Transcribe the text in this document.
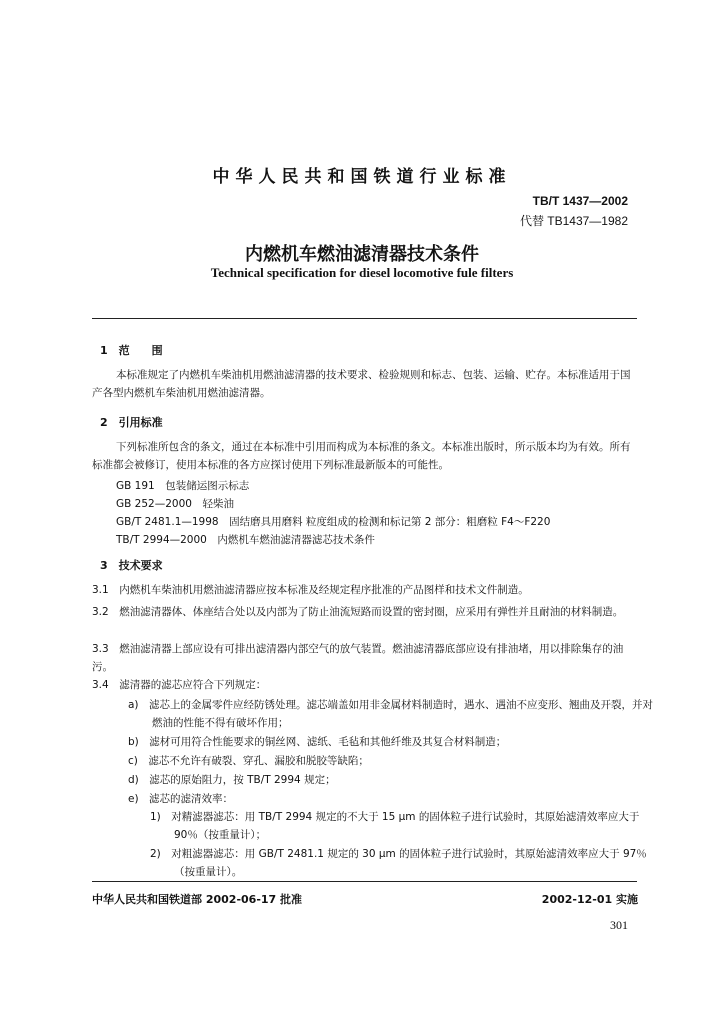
中华人民共和国铁道行业标准
TB/T 1437—2002
代替 TB1437—1982
内燃机车燃油滤清器技术条件
Technical specification for diesel locomotive fule filters
1　范　　围
本标准规定了内燃机车柴油机用燃油滤清器的技术要求、检验规则和标志、包装、运输、贮存。本标准适用于国产各型内燃机车柴油机用燃油滤清器。
2　引用标准
下列标准所包含的条文，通过在本标准中引用而构成为本标准的条文。本标准出版时，所示版本均为有效。所有标准都会被修订，使用本标准的各方应探讨使用下列标准最新版本的可能性。
GB 191　包装储运图示标志
GB 252—2000　轻柴油
GB/T 2481.1—1998　固结磨具用磨料 粒度组成的检测和标记第 2 部分：粗磨粒 F4～F220
TB/T 2994—2000　内燃机车燃油滤清器滤芯技术条件
3　技术要求
3.1　内燃机车柴油机用燃油滤清器应按本标准及经规定程序批准的产品图样和技术文件制造。
3.2　燃油滤清器体、体座结合处以及内部为了防止油流短路而设置的密封圈，应采用有弹性并且耐油的材料制造。
3.3　燃油滤清器上部应设有可排出滤清器内部空气的放气装置。燃油滤清器底部应设有排油堵，用以排除集存的油污。
3.4　滤清器的滤芯应符合下列规定：
a)　滤芯上的金属零件应经防锈处理。滤芯端盖如用非金属材料制造时，遇水、遇油不应变形、翘曲及开裂，并对燃油的性能不得有破坏作用；
b)　滤材可用符合性能要求的铜丝网、滤纸、毛毡和其他纤维及其复合材料制造；
c)　滤芯不允许有破裂、穿孔、漏胶和脱胶等缺陷；
d)　滤芯的原始阻力，按 TB/T 2994 规定；
e)　滤芯的滤清效率：
1)　对精滤器滤芯：用 TB/T 2994 规定的不大于 15 μm 的固体粒子进行试验时，其原始滤清效率应大于 90％（按重量计）；
2)　对粗滤器滤芯：用 GB/T 2481.1 规定的 30 μm 的固体粒子进行试验时，其原始滤清效率应大于 97％（按重量计）。
中华人民共和国铁道部 2002-06-17 批准	2002-12-01 实施
301
